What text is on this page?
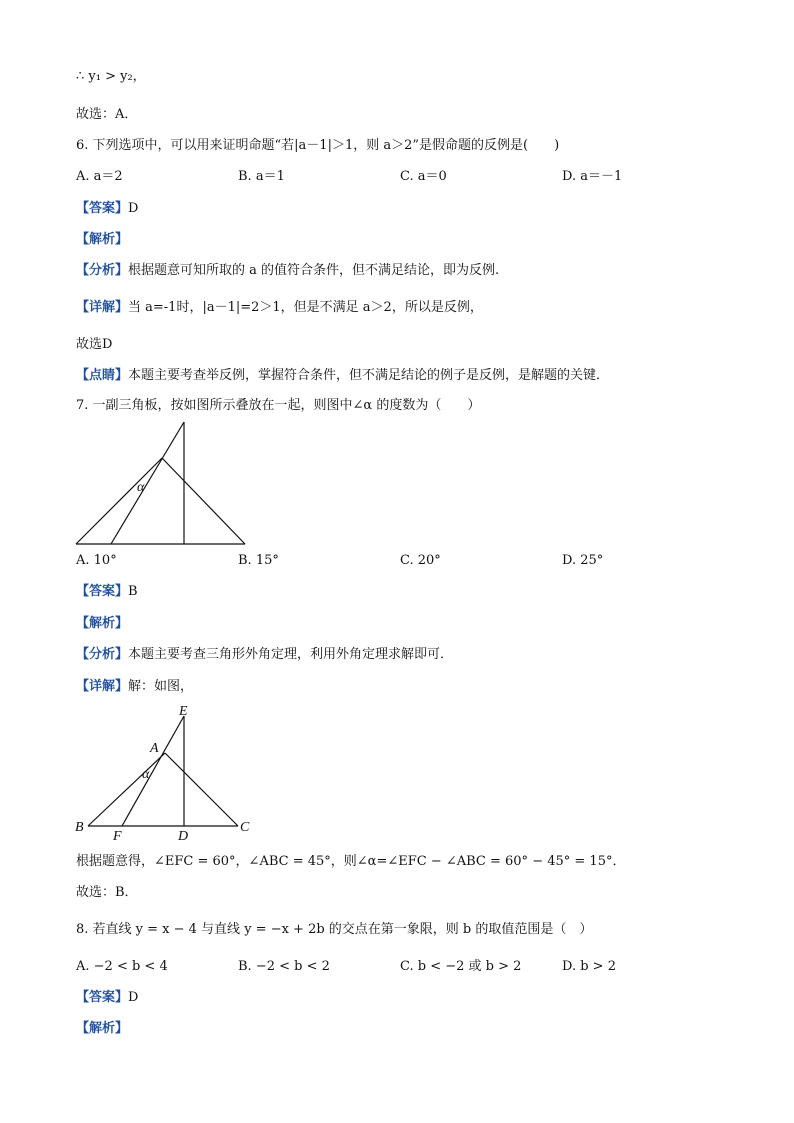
∴ y₁ > y₂，
故选：A．
6. 下列选项中，可以用来证明命题“若|a－1|＞1，则 a＞2”是假命题的反例是(　　)
A. a＝2	B. a＝1	C. a＝0	D. a＝－1
【答案】D
【解析】
【分析】根据题意可知所取的 a 的值符合条件，但不满足结论，即为反例.
【详解】当 a=-1时，|a－1|=2＞1，但是不满足 a＞2，所以是反例，
故选D
【点睛】本题主要考查举反例，掌握符合条件，但不满足结论的例子是反例，是解题的关键．
7. 一副三角板，按如图所示叠放在一起，则图中∠α 的度数为（　　）
α
A. 10°	B. 15°	C. 20°	D. 25°
【答案】B
【解析】
【分析】本题主要考查三角形外角定理，利用外角定理求解即可．
【详解】解：如图，
E
A
α
B
F	D
C
根据题意得，∠EFC = 60°，∠ABC = 45°，则∠α=∠EFC − ∠ABC = 60° − 45° = 15°．
故选：B．
8. 若直线 y = x − 4 与直线 y = −x + 2b 的交点在第一象限，则 b 的取值范围是（　）
A. −2 < b < 4	B. −2 < b < 2	C. b < −2 或 b > 2	D. b > 2
【答案】D
【解析】
